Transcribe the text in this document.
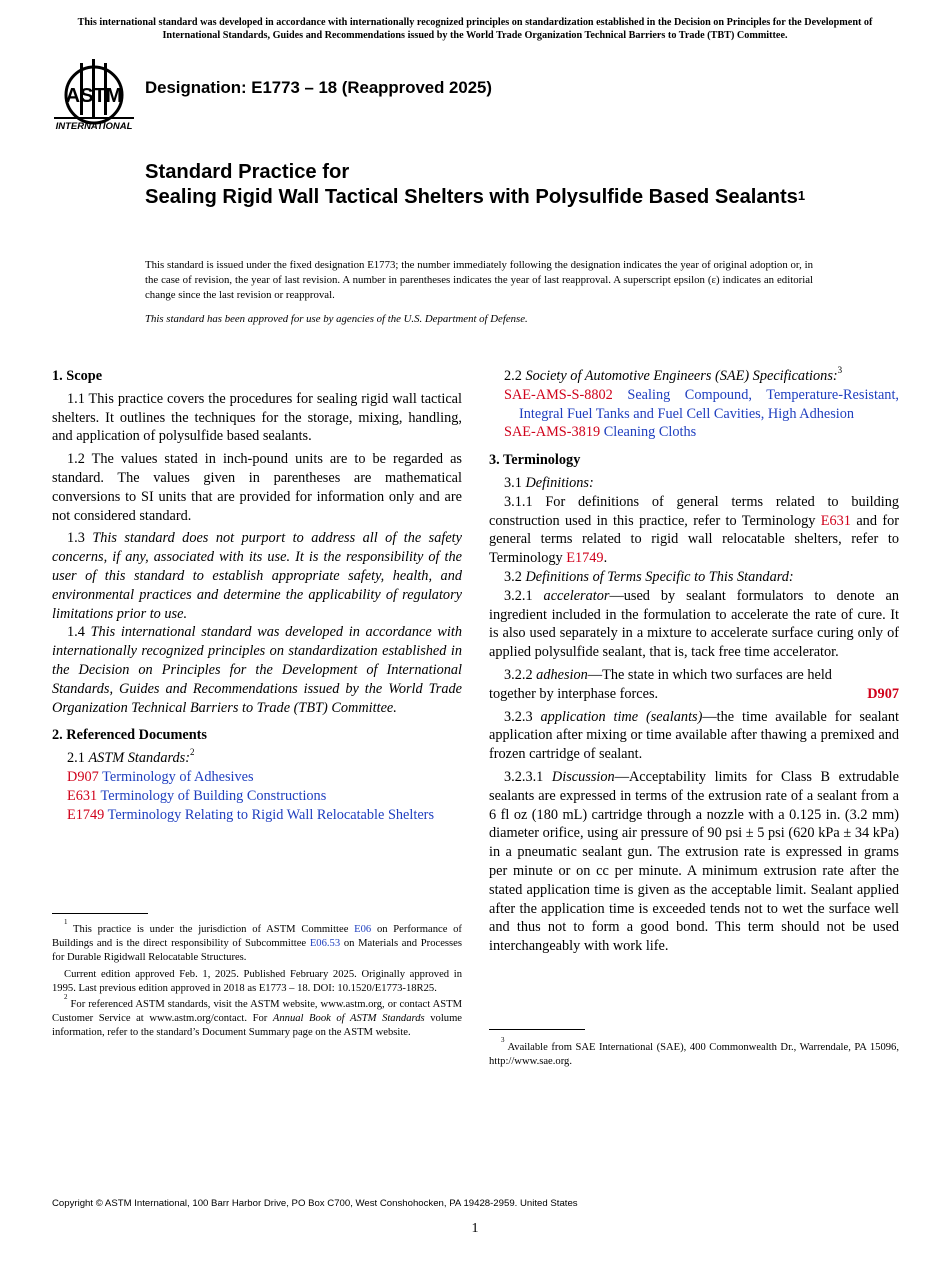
This international standard was developed in accordance with internationally recognized principles on standardization established in the Decision on Principles for the Development of International Standards, Guides and Recommendations issued by the World Trade Organization Technical Barriers to Trade (TBT) Committee.
ASTM
INTERNATIONAL
Designation: E1773 – 18 (Reapproved 2025)
Standard Practice for
Sealing Rigid Wall Tactical Shelters with Polysulfide Based Sealants$^1$
This standard is issued under the fixed designation E1773; the number immediately following the designation indicates the year of original adoption or, in the case of revision, the year of last revision. A number in parentheses indicates the year of last reapproval. A superscript epsilon (ε) indicates an editorial change since the last revision or reapproval.
This standard has been approved for use by agencies of the U.S. Department of Defense.
1. Scope
1.1 This practice covers the procedures for sealing rigid wall tactical shelters. It outlines the techniques for the storage, mixing, handling, and application of polysulfide based sealants.
1.2 The values stated in inch-pound units are to be regarded as standard. The values given in parentheses are mathematical conversions to SI units that are provided for information only and are not considered standard.
1.3 This standard does not purport to address all of the safety concerns, if any, associated with its use. It is the responsibility of the user of this standard to establish appropriate safety, health, and environmental practices and determine the applicability of regulatory limitations prior to use.
1.4 This international standard was developed in accordance with internationally recognized principles on standardization established in the Decision on Principles for the Development of International Standards, Guides and Recommendations issued by the World Trade Organization Technical Barriers to Trade (TBT) Committee.
2. Referenced Documents
2.1 ASTM Standards:$^2$
D907 Terminology of Adhesives
E631 Terminology of Building Constructions
E1749 Terminology Relating to Rigid Wall Relocatable Shelters
2.2 Society of Automotive Engineers (SAE) Specifications:$^3$
SAE-AMS-S-8802 Sealing Compound, Temperature-Resistant, Integral Fuel Tanks and Fuel Cell Cavities, High Adhesion
SAE-AMS-3819 Cleaning Cloths
3. Terminology
3.1 Definitions:
3.1.1 For definitions of general terms related to building construction used in this practice, refer to Terminology E631 and for general terms related to rigid wall relocatable shelters, refer to Terminology E1749.
3.2 Definitions of Terms Specific to This Standard:
3.2.1 accelerator—used by sealant formulators to denote an ingredient included in the formulation to accelerate the rate of cure. It is also used separately in a mixture to accelerate surface curing only of applied polysulfide sealant, that is, tack free time accelerator.
3.2.2 adhesion—The state in which two surfaces are held
together by interphase forces.	D907
3.2.3 application time (sealants)—the time available for sealant application after mixing or time available after thawing a premixed and frozen cartridge of sealant.
3.2.3.1 Discussion—Acceptability limits for Class B extrudable sealants are expressed in terms of the extrusion rate of a sealant from a 6 fl oz (180 mL) cartridge through a nozzle with a 0.125 in. (3.2 mm) diameter orifice, using air pressure of 90 psi ± 5 psi (620 kPa ± 34 kPa) in a pneumatic sealant gun. The extrusion rate is expressed in grams per minute or on cc per minute. A minimum extrusion rate after the stated application time is given as the acceptable limit. Sealant applied after the application time is exceeded tends not to wet the surface well and thus not to form a good bond. This term should not be used interchangeably with work life.
$^1$ This practice is under the jurisdiction of ASTM Committee E06 on Performance of Buildings and is the direct responsibility of Subcommittee E06.53 on Materials and Processes for Durable Rigidwall Relocatable Structures.
Current edition approved Feb. 1, 2025. Published February 2025. Originally approved in 1995. Last previous edition approved in 2018 as E1773 – 18. DOI: 10.1520/E1773-18R25.
$^2$ For referenced ASTM standards, visit the ASTM website, www.astm.org, or contact ASTM Customer Service at www.astm.org/contact. For Annual Book of ASTM Standards volume information, refer to the standard’s Document Summary page on the ASTM website.
$^3$ Available from SAE International (SAE), 400 Commonwealth Dr., Warrendale, PA 15096, http://www.sae.org.
Copyright © ASTM International, 100 Barr Harbor Drive, PO Box C700, West Conshohocken, PA 19428-2959. United States
1
